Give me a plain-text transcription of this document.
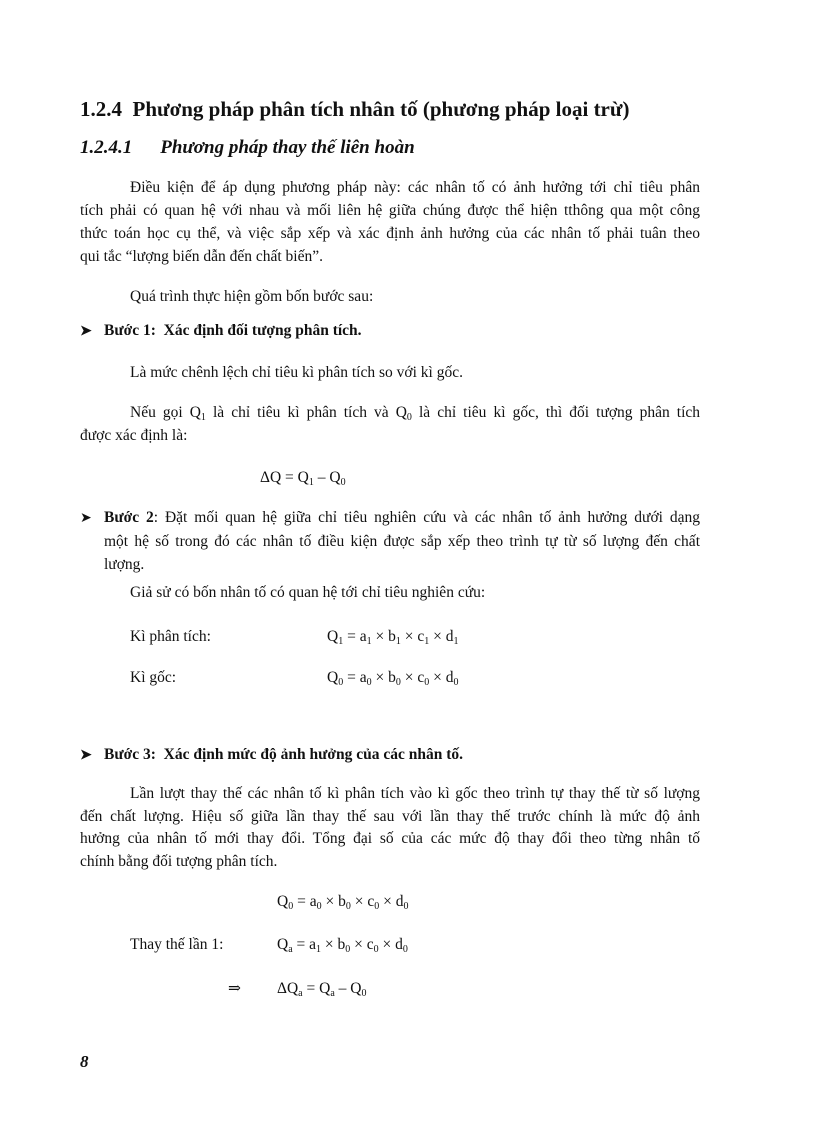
1.2.4 Phương pháp phân tích nhân tố (phương pháp loại trừ)
1.2.4.1 Phương pháp thay thế liên hoàn
Điều kiện để áp dụng phương pháp này: các nhân tố có ảnh hưởng tới chỉ tiêu phân
tích phải có quan hệ với nhau và mối liên hệ giữa chúng được thể hiện tthông qua một công
thức toán học cụ thể, và việc sắp xếp và xác định ảnh hưởng của các nhân tố phải tuân theo
qui tắc “lượng biến dẫn đến chất biến”.
Quá trình thực hiện gồm bốn bước sau:
➤ Bước 1: Xác định đối tượng phân tích.
Là mức chênh lệch chỉ tiêu kì phân tích so với kì gốc.
Nếu gọi $Q_1$ là chỉ tiêu kì phân tích và $Q_0$ là chỉ tiêu kì gốc, thì đối tượng phân tích
được xác định là:
$\Delta Q = Q_1 - Q_0$
➤ Bước 2: Đặt mối quan hệ giữa chỉ tiêu nghiên cứu và các nhân tố ảnh hưởng dưới dạng
một hệ số trong đó các nhân tố điều kiện được sắp xếp theo trình tự từ số lượng đến chất
lượng.
Giả sử có bốn nhân tố có quan hệ tới chỉ tiêu nghiên cứu:
Kì phân tích:	$Q_1 = a_1 \times b_1 \times c_1 \times d_1$
Kì gốc:	$Q_0 = a_0 \times b_0 \times c_0 \times d_0$
➤ Bước 3: Xác định mức độ ảnh hưởng của các nhân tố.
Lần lượt thay thế các nhân tố kì phân tích vào kì gốc theo trình tự thay thế từ số lượng
đến chất lượng. Hiệu số giữa lần thay thế sau với lần thay thế trước chính là mức độ ảnh
hưởng của nhân tố mới thay đổi. Tổng đại số của các mức độ thay đổi theo từng nhân tố
chính bằng đối tượng phân tích.
$Q_0 = a_0 \times b_0 \times c_0 \times d_0$
Thay thế lần 1:	$Q_a = a_1 \times b_0 \times c_0 \times d_0$
⇒ $\Delta Q_a = Q_a - Q_0$
8
